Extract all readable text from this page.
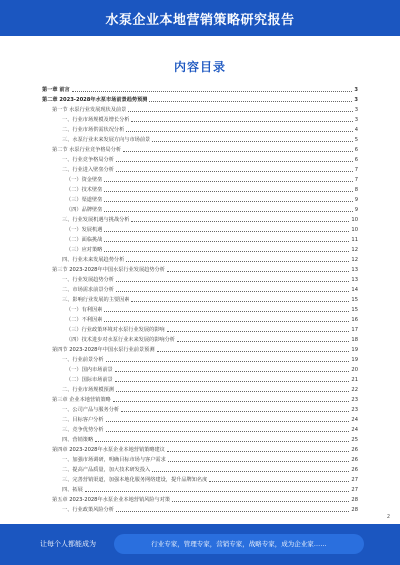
水泵企业本地营销策略研究报告
内容目录
第一章 前言	3
第二章 2023-2028年水泵市场前景趋势预测	3
第一节 水泵行业发展现状及前景	3
一、行业市场规模及增长分析	3
二、行业市场供需状况分析	4
三、水泵行业未来发展方向与市场前景	5
第二节 水泵行业竞争格局分析	6
一、行业竞争格局分析	6
二、行业进入壁垒分析	7
（一）资金壁垒	7
（二）技术壁垒	8
（三）渠道壁垒	9
（四）品牌壁垒	9
三、行业发展机遇与挑战分析	10
（一）发展机遇	10
（二）面临挑战	11
（三）应对策略	12
四、行业未来发展趋势分析	12
第三节 2023-2028年中国水泵行业发展趋势分析	13
一、行业发展趋势分析	13
二、市场需求前景分析	14
三、影响行业发展的主要因素	15
（一）有利因素	15
（二）不利因素	16
（三）行业政策环境对水泵行业发展的影响	17
（四）技术进步对水泵行业未来发展的影响分析	18
第四节 2023-2028年中国水泵行业前景预测	19
一、行业前景分析	19
（一）国内市场前景	20
（二）国际市场前景	21
二、行业市场规模预测	22
第三章 企业本地营销策略	23
一、公司产品与服务分析	23
二、目标客户分析	24
三、竞争优势分析	24
四、营销策略	25
第四章 2023-2028年水泵企业本地营销策略建议	26
一、加强市场调研，明确目标市场与客户需求	26
二、提高产品质量，加大技术研发投入	26
三、完善营销渠道，加强本地化服务网络建设，提升品牌知名度	27
四、拓展	27
第五章 2023-2028年水泵企业本地营销风险与对策	28
一、行业政策风险分析	28
2
让每个人都能成为	行业专家，管理专家，营销专家，战略专家，成为企业家……
